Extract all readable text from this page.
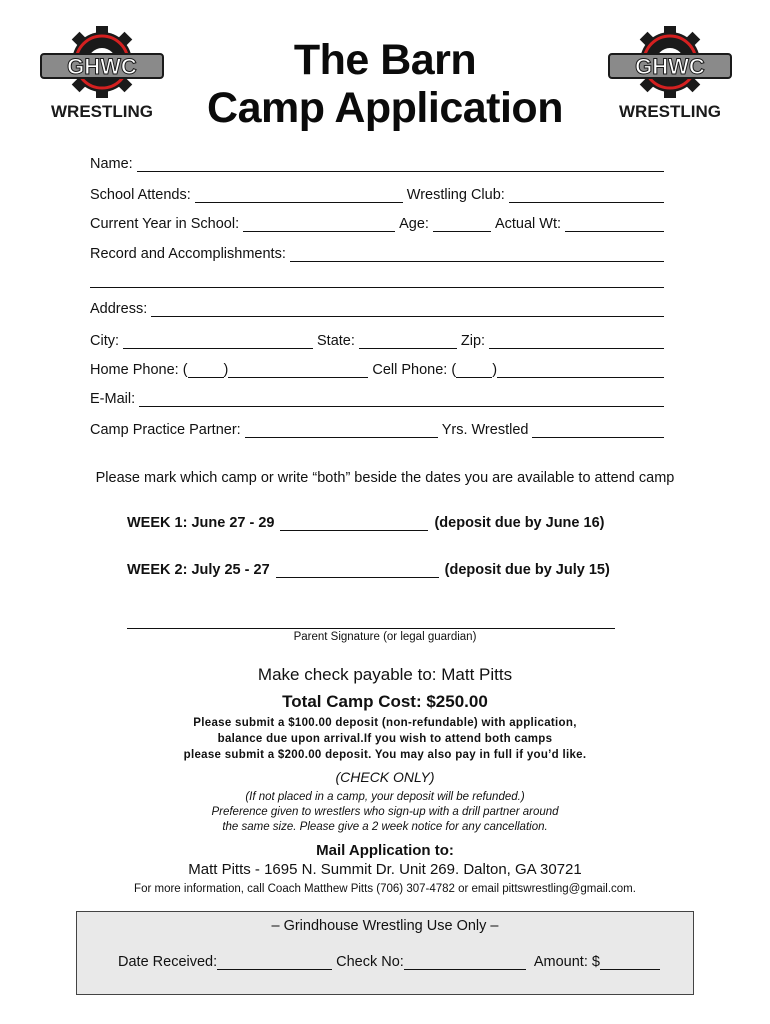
GHWC
WRESTLING
The Barn
Camp Application
GHWC
WRESTLING
Name:
School Attends:	Wrestling Club:
Current Year in School:	Age:	Actual Wt:
Record and Accomplishments:
Address:
City:	State:	Zip:
Home Phone: ( )	Cell Phone: ( )
E-Mail:
Camp Practice Partner:	Yrs. Wrestled
Please mark which camp or write “both” beside the dates you are available to attend camp
WEEK 1: June 27 - 29	(deposit due by June 16)
WEEK 2: July 25 - 27	(deposit due by July 15)
Parent Signature (or legal guardian)
Make check payable to: Matt Pitts
Total Camp Cost: $250.00
Please submit a $100.00 deposit (non-refundable) with application,
balance due upon arrival.If you wish to attend both camps
please submit a $200.00 deposit. You may also pay in full if you’d like.
(CHECK ONLY)
(If not placed in a camp, your deposit will be refunded.)
Preference given to wrestlers who sign-up with a drill partner around
the same size. Please give a 2 week notice for any cancellation.
Mail Application to:
Matt Pitts - 1695 N. Summit Dr. Unit 269. Dalton, GA 30721
For more information, call Coach Matthew Pitts (706) 307-4782 or email pittswrestling@gmail.com.
– Grindhouse Wrestling Use Only –
Date Received:	Check No:	Amount: $
